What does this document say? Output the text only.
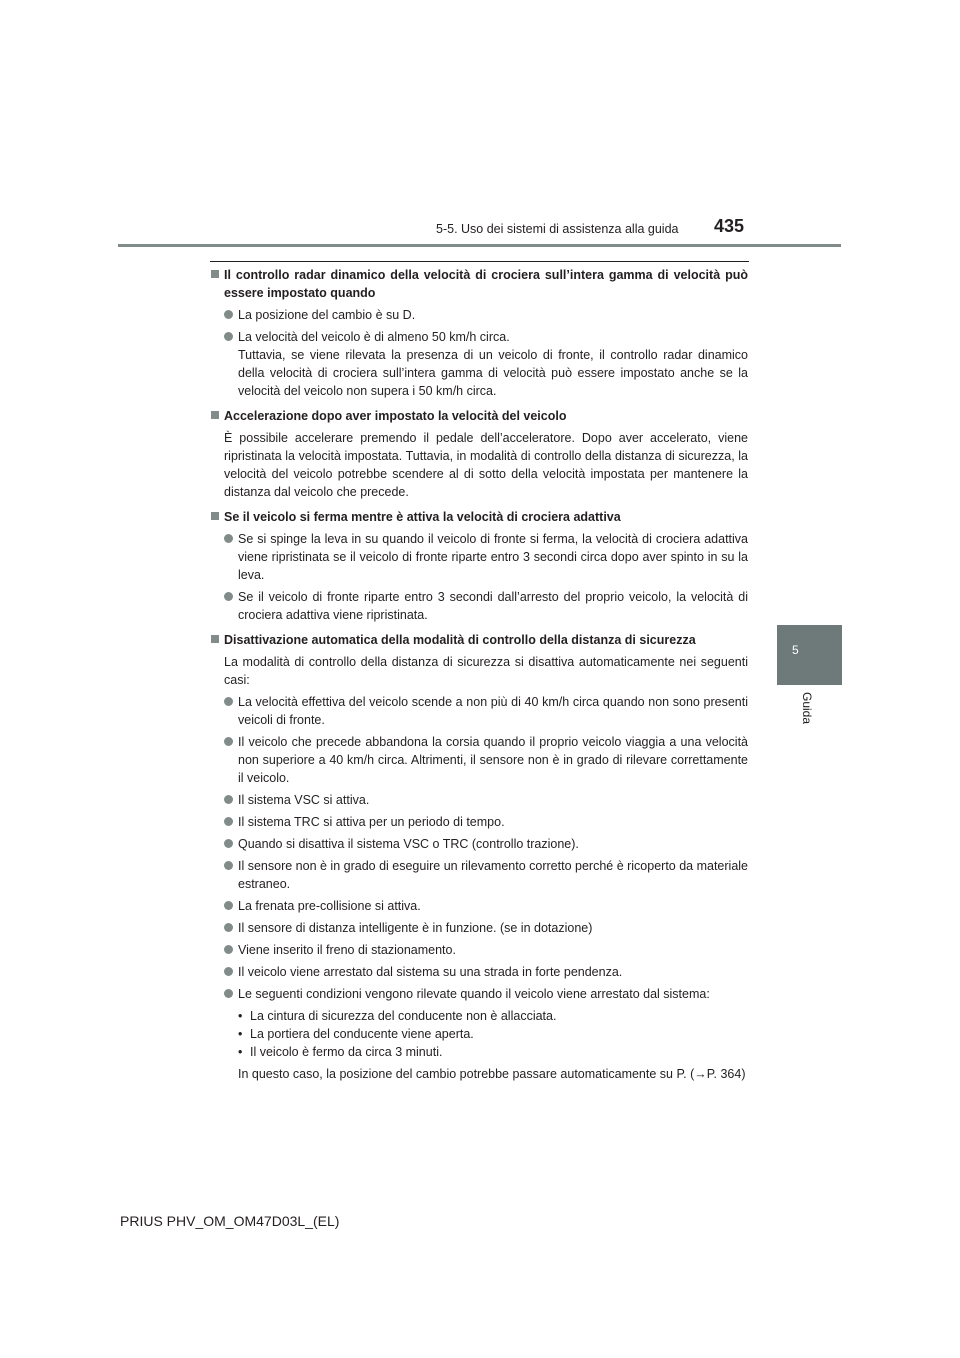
5-5. Uso dei sistemi di assistenza alla guida 435
5
Guida
Il controllo radar dinamico della velocità di crociera sull’intera gamma di velocità può essere impostato quando
La posizione del cambio è su D.
La velocità del veicolo è di almeno 50 km/h circa.
Tuttavia, se viene rilevata la presenza di un veicolo di fronte, il controllo radar dinamico della velocità di crociera sull’intera gamma di velocità può essere impostato anche se la velocità del veicolo non supera i 50 km/h circa.
Accelerazione dopo aver impostato la velocità del veicolo
È possibile accelerare premendo il pedale dell’acceleratore. Dopo aver accelerato, viene ripristinata la velocità impostata. Tuttavia, in modalità di controllo della distanza di sicurezza, la velocità del veicolo potrebbe scendere al di sotto della velocità impostata per mantenere la distanza dal veicolo che precede.
Se il veicolo si ferma mentre è attiva la velocità di crociera adattiva
Se si spinge la leva in su quando il veicolo di fronte si ferma, la velocità di crociera adattiva viene ripristinata se il veicolo di fronte riparte entro 3 secondi circa dopo aver spinto in su la leva.
Se il veicolo di fronte riparte entro 3 secondi dall’arresto del proprio veicolo, la velocità di crociera adattiva viene ripristinata.
Disattivazione automatica della modalità di controllo della distanza di sicurezza
La modalità di controllo della distanza di sicurezza si disattiva automaticamente nei seguenti casi:
La velocità effettiva del veicolo scende a non più di 40 km/h circa quando non sono presenti veicoli di fronte.
Il veicolo che precede abbandona la corsia quando il proprio veicolo viaggia a una velocità non superiore a 40 km/h circa. Altrimenti, il sensore non è in grado di rilevare correttamente il veicolo.
Il sistema VSC si attiva.
Il sistema TRC si attiva per un periodo di tempo.
Quando si disattiva il sistema VSC o TRC (controllo trazione).
Il sensore non è in grado di eseguire un rilevamento corretto perché è ricoperto da materiale estraneo.
La frenata pre-collisione si attiva.
Il sensore di distanza intelligente è in funzione. (se in dotazione)
Viene inserito il freno di stazionamento.
Il veicolo viene arrestato dal sistema su una strada in forte pendenza.
Le seguenti condizioni vengono rilevate quando il veicolo viene arrestato dal sistema:
• La cintura di sicurezza del conducente non è allacciata.
• La portiera del conducente viene aperta.
• Il veicolo è fermo da circa 3 minuti.
In questo caso, la posizione del cambio potrebbe passare automaticamente su P. (→P. 364)
PRIUS PHV_OM_OM47D03L_(EL)
